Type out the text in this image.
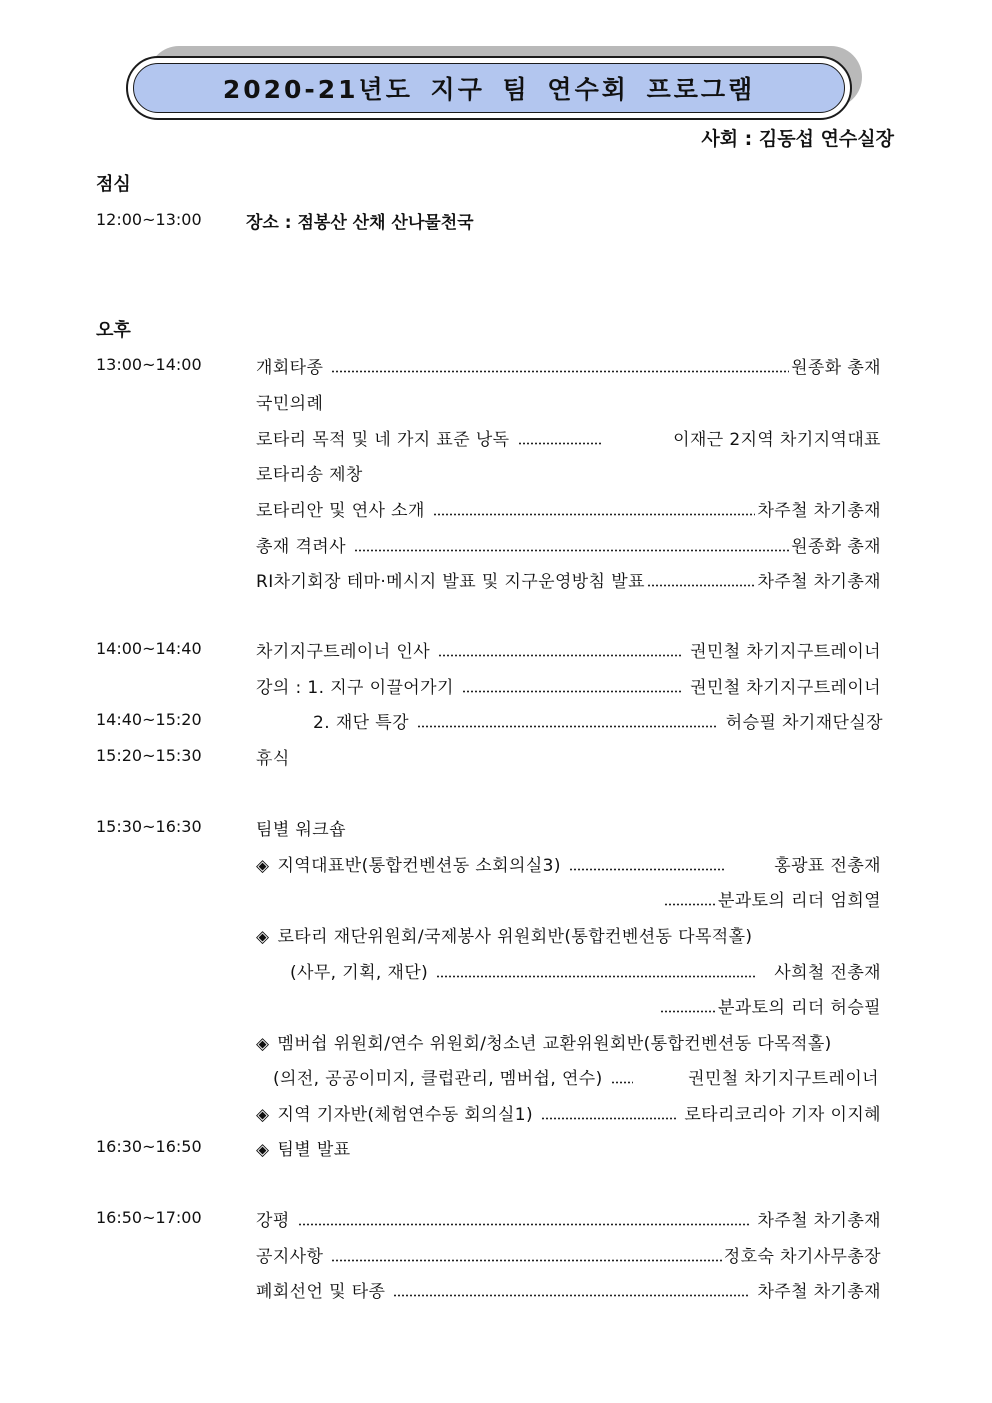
2020-21년도 지구 팀 연수회 프로그램
사회 : 김동섭 연수실장
점심
12:00~13:00	장소 : 점봉산 산채 산나물천국
오후
13:00~14:00	개회타종	원종화 총재
국민의례
로타리 목적 및 네 가지 표준 낭독	이재근 2지역 차기지역대표
로타리송 제창
로타리안 및 연사 소개	차주철 차기총재
총재 격려사	원종화 총재
RI차기회장 테마·메시지 발표 및 지구운영방침 발표	차주철 차기총재
14:00~14:40	차기지구트레이너 인사	권민철 차기지구트레이너
강의 : 1. 지구 이끌어가기	권민철 차기지구트레이너
14:40~15:20	2. 재단 특강	허승필 차기재단실장
15:20~15:30	휴식
15:30~16:30	팀별 워크숍
◈ 지역대표반(통합컨벤션동 소회의실3)	홍광표 전총재
분과토의 리더 엄희열
◈ 로타리 재단위원회/국제봉사 위원회반(통합컨벤션동 다목적홀)
(사무, 기획, 재단)	사희철 전총재
분과토의 리더 허승필
◈ 멤버쉽 위원회/연수 위원회/청소년 교환위원회반(통합컨벤션동 다목적홀)
(의전, 공공이미지, 클럽관리, 멤버쉽, 연수)	권민철 차기지구트레이너
◈ 지역 기자반(체험연수동 회의실1)	로타리코리아 기자 이지혜
16:30~16:50	◈ 팀별 발표
16:50~17:00	강평	차주철 차기총재
공지사항	정호숙 차기사무총장
폐회선언 및 타종	차주철 차기총재
